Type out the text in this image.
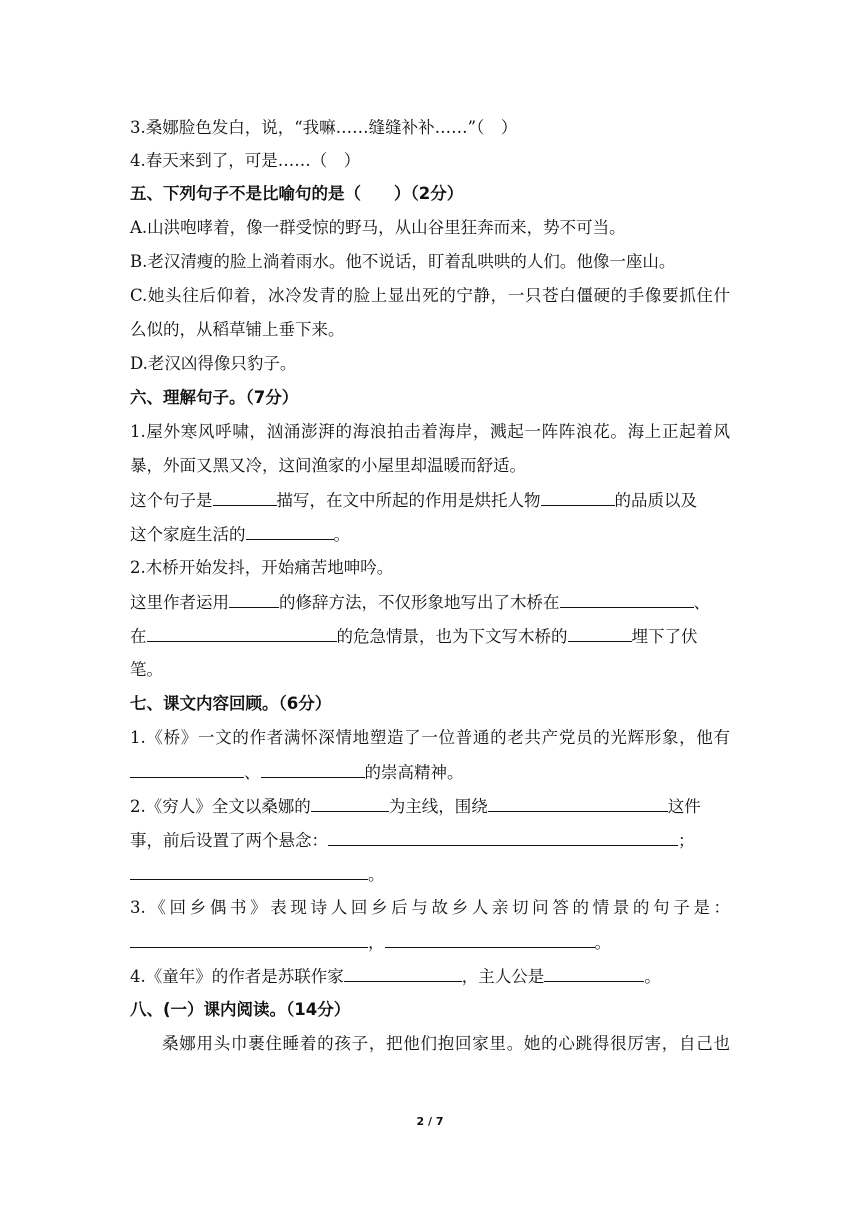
3.桑娜脸色发白，说，“我嘛……缝缝补补……”（　）
4.春天来到了，可是……（　）
五、下列句子不是比喻句的是（　　）（2分）
A.山洪咆哮着，像一群受惊的野马，从山谷里狂奔而来，势不可当。
B.老汉清瘦的脸上淌着雨水。他不说话，盯着乱哄哄的人们。他像一座山。
C.她头往后仰着，冰冷发青的脸上显出死的宁静，一只苍白僵硬的手像要抓住什
么似的，从稻草铺上垂下来。
D.老汉凶得像只豹子。
六、理解句子。（7分）
1.屋外寒风呼啸，汹涌澎湃的海浪拍击着海岸，溅起一阵阵浪花。海上正起着风
暴，外面又黑又冷，这间渔家的小屋里却温暖而舒适。
这个句子是	描写，在文中所起的作用是烘托人物	的品质以及
这个家庭生活的	。
2.木桥开始发抖，开始痛苦地呻吟。
这里作者运用	的修辞方法，不仅形象地写出了木桥在	、
在	的危急情景，也为下文写木桥的	埋下了伏
笔。
七、课文内容回顾。（6分）
1.《桥》一文的作者满怀深情地塑造了一位普通的老共产党员的光辉形象，他有
、	的崇高精神。
2.《穷人》全文以桑娜的	为主线，围绕	这件
事，前后设置了两个悬念：	；
。
3.《回乡偶书》表现诗人回乡后与故乡人亲切问答的情景的句子是：
，	。
4.《童年》的作者是苏联作家	，主人公是	。
八、(一）课内阅读。（14分）
桑娜用头巾裹住睡着的孩子，把他们抱回家里。她的心跳得很厉害，自己也
2 / 7
